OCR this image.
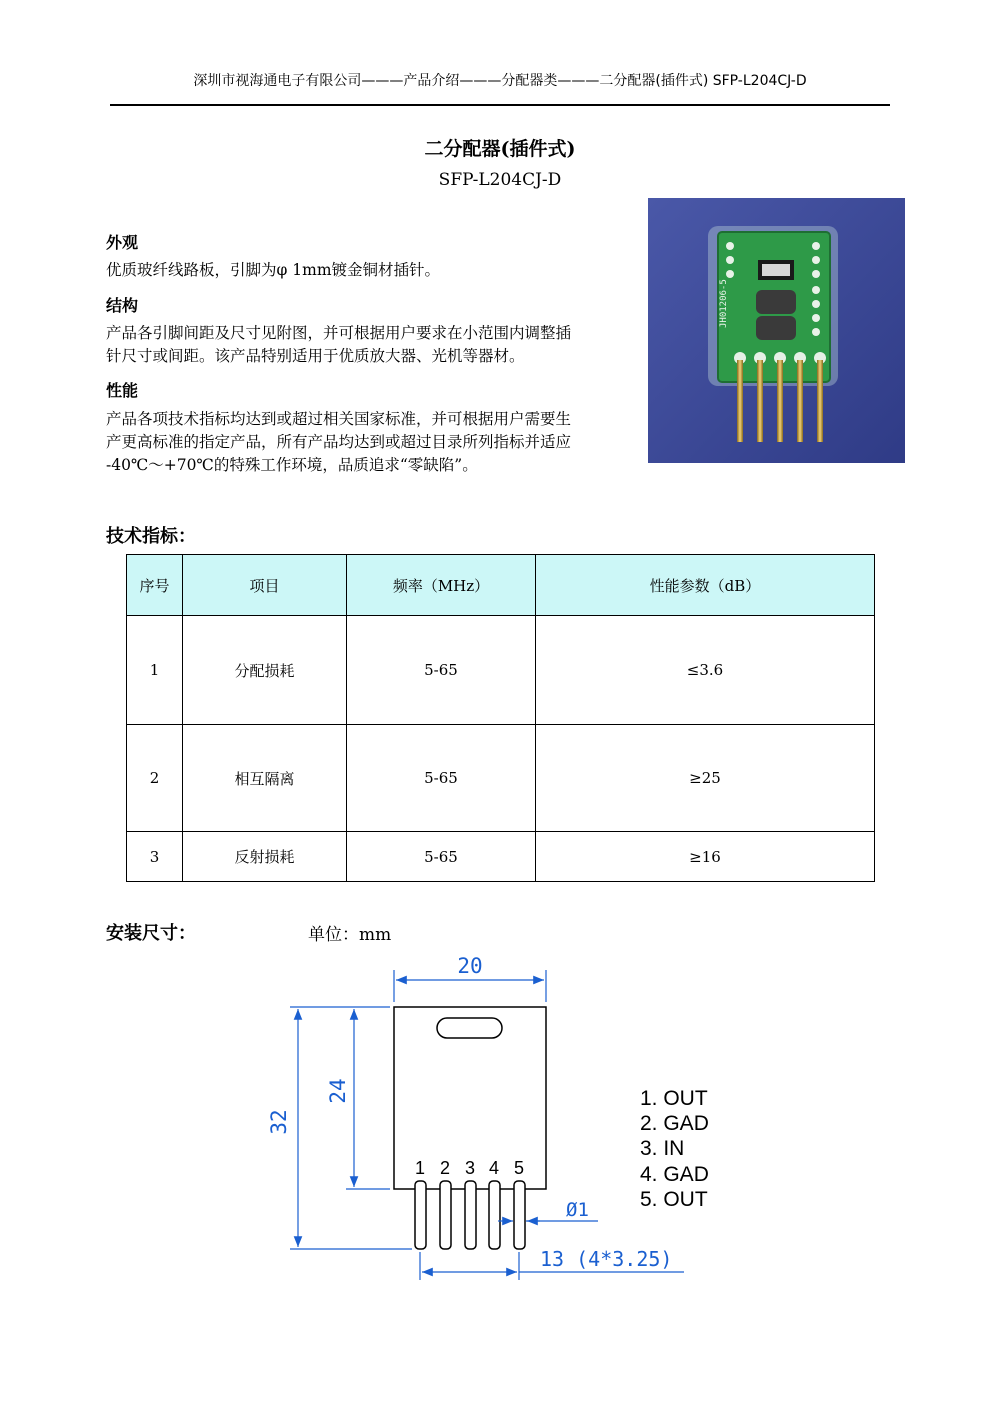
深圳市视海通电子有限公司———产品介绍———分配器类———二分配器(插件式) SFP-L204CJ-D
二分配器(插件式)
SFP-L204CJ-D
外观
优质玻纤线路板，引脚为φ 1mm镀金铜材插针。
结构
产品各引脚间距及尺寸见附图，并可根据用户要求在小范围内调整插
针尺寸或间距。该产品特别适用于优质放大器、光机等器材。
性能
产品各项技术指标均达到或超过相关国家标准，并可根据用户需要生
产更高标准的指定产品，所有产品均达到或超过目录所列指标并适应
-40℃～+70℃的特殊工作环境，品质追求“零缺陷”。
JH01206-5
技术指标：
序号	项目	频率（MHz）	性能参数（dB）
1	分配损耗	5-65	≤3.6
2	相互隔离	5-65	≥25
3	反射损耗	5-65	≥16
安装尺寸：	单位：mm
1 2 3 4 5
20
24
32
Ø1
13 (4*3.25)
1. OUT
2. GAD
3. IN
4. GAD
5. OUT
